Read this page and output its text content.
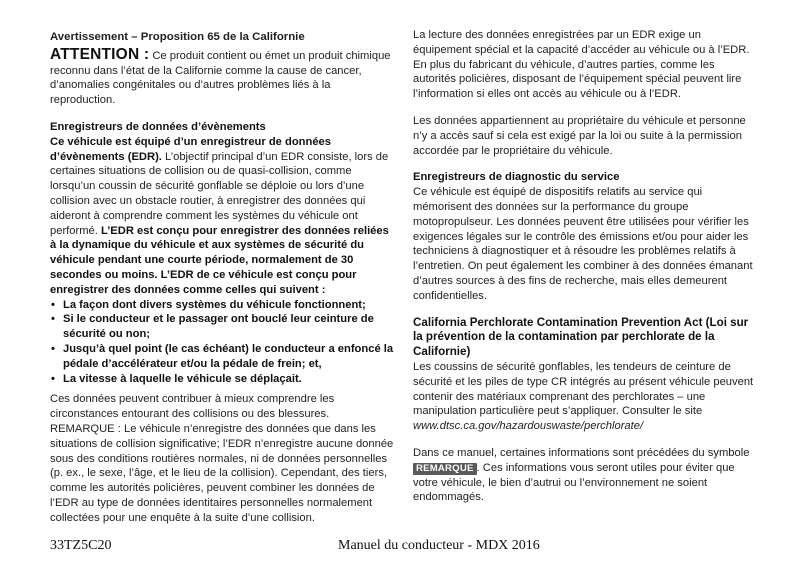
Avertissement – Proposition 65 de la Californie

ATTENTION : Ce produit contient ou émet un produit chimique reconnu dans l’état de la Californie comme la cause de cancer, d’anomalies congénitales ou d’autres problèmes liés à la reproduction.

Enregistreurs de données d’évènements

Ce véhicule est équipé d’un enregistreur de données d’évènements (EDR). L’objectif principal d’un EDR consiste, lors de certaines situations de collision ou de quasi-collision, comme lorsqu’un coussin de sécurité gonflable se déploie ou lors d’une collision avec un obstacle routier, à enregistrer des données qui aideront à comprendre comment les systèmes du véhicule ont performé. L’EDR est conçu pour enregistrer des données reliées à la dynamique du véhicule et aux systèmes de sécurité du véhicule pendant une courte période, normalement de 30 secondes ou moins. L’EDR de ce véhicule est conçu pour enregistrer des données comme celles qui suivent :

• La façon dont divers systèmes du véhicule fonctionnent;
• Si le conducteur et le passager ont bouclé leur ceinture de sécurité ou non;
• Jusqu’à quel point (le cas échéant) le conducteur a enfoncé la pédale d’accélérateur et/ou la pédale de frein; et,
• La vitesse à laquelle le véhicule se déplaçait.

Ces données peuvent contribuer à mieux comprendre les circonstances entourant des collisions ou des blessures. REMARQUE : Le véhicule n’enregistre des données que dans les situations de collision significative; l’EDR n’enregistre aucune donnée sous des conditions routières normales, ni de données personnelles (p. ex., le sexe, l’âge, et le lieu de la collision). Cependant, des tiers, comme les autorités policières, peuvent combiner les données de l’EDR au type de données identitaires personnelles normalement collectées pour une enquête à la suite d’une collision.

La lecture des données enregistrées par un EDR exige un équipement spécial et la capacité d’accéder au véhicule ou à l’EDR. En plus du fabricant du véhicule, d’autres parties, comme les autorités policières, disposant de l’équipement spécial peuvent lire l’information si elles ont accès au véhicule ou à l’EDR.

Les données appartiennent au propriétaire du véhicule et personne n’y a accès sauf si cela est exigé par la loi ou suite à la permission accordée par le propriétaire du véhicule.

Enregistreurs de diagnostic du service

Ce véhicule est équipé de dispositifs relatifs au service qui mémorisent des données sur la performance du groupe motopropulseur. Les données peuvent être utilisées pour vérifier les exigences légales sur le contrôle des émissions et/ou pour aider les techniciens à diagnostiquer et à résoudre les problèmes relatifs à l’entretien. On peut également les combiner à des données émanant d’autres sources à des fins de recherche, mais elles demeurent confidentielles.

California Perchlorate Contamination Prevention Act (Loi sur la prévention de la contamination par perchlorate de la Californie)

Les coussins de sécurité gonflables, les tendeurs de ceinture de sécurité et les piles de type CR intégrés au présent véhicule peuvent contenir des matériaux comprenant des perchlorates – une manipulation particulière peut s’appliquer. Consulter le site www.dtsc.ca.gov/hazardouswaste/perchlorate/

Dans ce manuel, certaines informations sont précédées du symbole REMARQUE . Ces informations vous seront utiles pour éviter que votre véhicule, le bien d’autrui ou l’environnement ne soient endommagés.

33TZ5C20	Manuel du conducteur - MDX 2016
